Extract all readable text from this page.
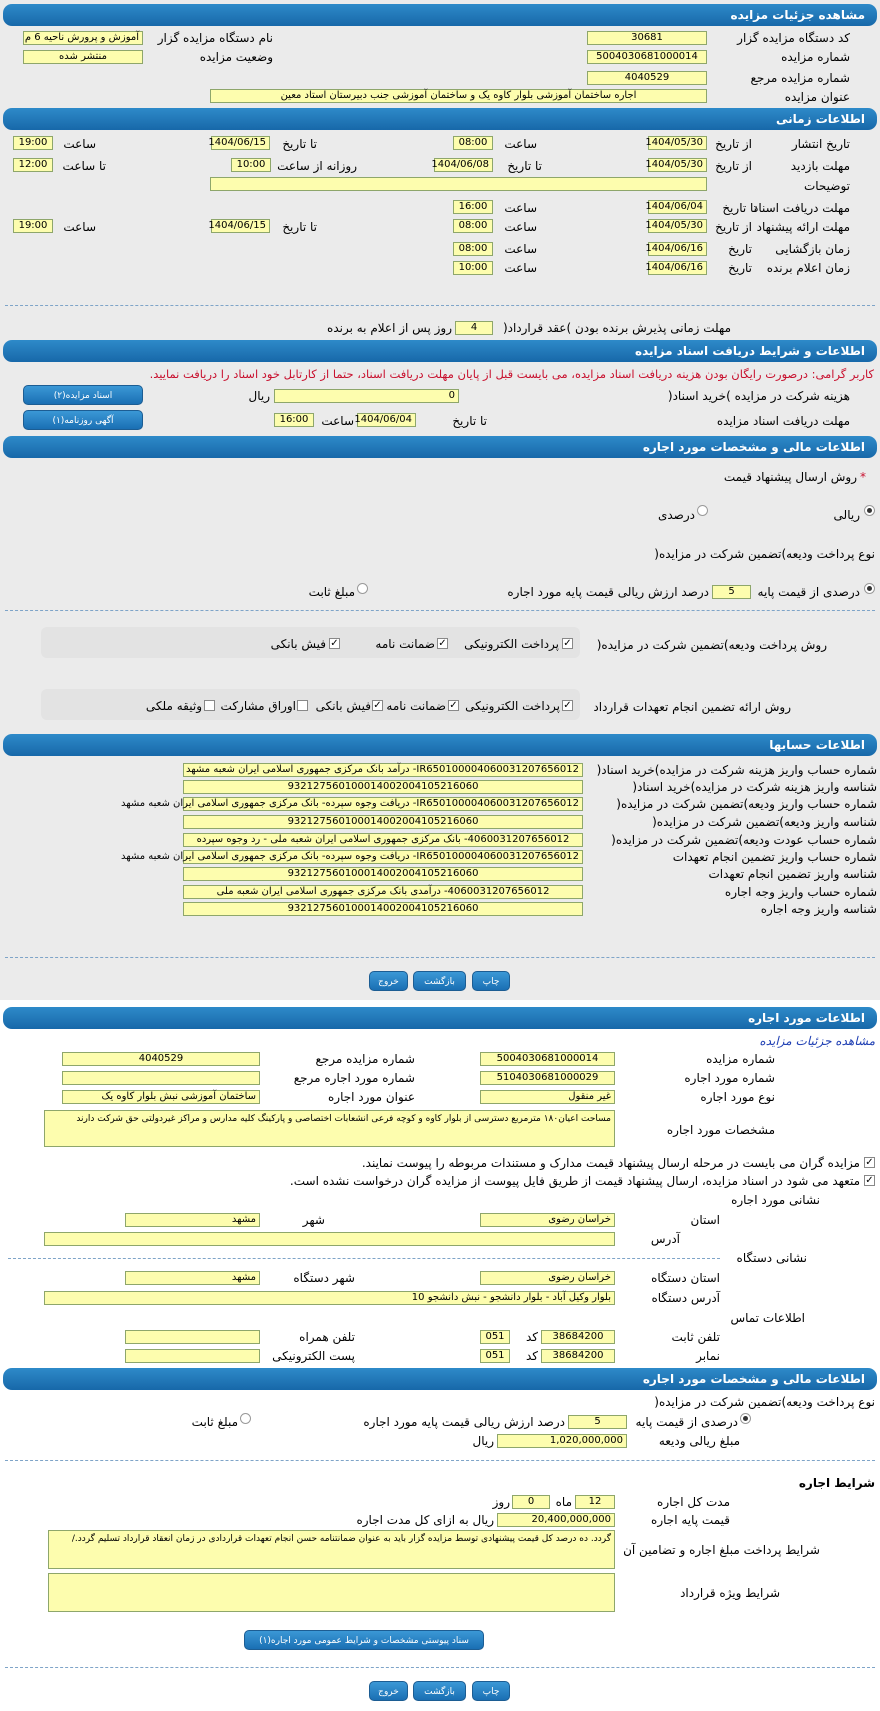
مشاهده جزئیات مزایده
کد دستگاه مزایده گزار
30681
نام دستگاه مزایده گزار
آموزش و پرورش ناحیه 6 م
شماره مزایده
5004030681000014
وضعیت مزایده
منتشر شده
شماره مزایده مرجع
4040529
عنوان مزایده
اجاره ساختمان آموزشی بلوار کاوه یک و ساختمان آموزشی جنب دبیرستان استاد معین
اطلاعات زمانی
تاریخ انتشار
از تاریخ
1404/05/30
ساعت
08:00
تا تاریخ
1404/06/15
ساعت
19:00
مهلت بازدید
از تاریخ
1404/05/30
تا تاریخ
1404/06/08
روزانه از ساعت
10:00
تا ساعت
12:00
توضیحات
مهلت دریافت اسناد
تا تاریخ
1404/06/04
ساعت
16:00
مهلت ارائه پیشنهاد
از تاریخ
1404/05/30
ساعت
08:00
تا تاریخ
1404/06/15
ساعت
19:00
زمان بازگشایی
تاریخ
1404/06/16
ساعت
08:00
زمان اعلام برنده
تاریخ
1404/06/16
ساعت
10:00
مهلت زمانی پذیرش برنده بودن )عقد قرارداد(
4
روز پس از اعلام به برنده
اطلاعات و شرایط دریافت اسناد مزایده
کاربر گرامی: درصورت رایگان بودن هزینه دریافت اسناد مزایده، می بایست قبل از پایان مهلت دریافت اسناد، حتما از کارتابل خود اسناد را دریافت نمایید.
هزینه شرکت در مزایده )خرید اسناد(
0
ریال
اسناد مزایده(۲)
مهلت دریافت اسناد مزایده
تا تاریخ
1404/06/04
ساعت
16:00
آگهی روزنامه(۱)
اطلاعات مالی و مشخصات مورد اجاره
*
روش ارسال پیشنهاد قیمت
ریالی
درصدی
نوع پرداخت ودیعه)تضمین شرکت در مزایده(
درصدی از قیمت پایه
5
درصد ارزش ریالی قیمت پایه مورد اجاره
مبلغ ثابت
روش پرداخت ودیعه)تضمین شرکت در مزایده(
✓
پرداخت الکترونیکی
✓
ضمانت نامه
✓
فیش بانکی
روش ارائه تضمین انجام تعهدات قرارداد
✓
پرداخت الکترونیکی
✓
ضمانت نامه
✓
فیش بانکی
اوراق مشارکت
وثیقه ملکی
اطلاعات حسابها
شماره حساب واریز هزینه شرکت در مزایده)خرید اسناد(
IR650100004060031207656012- درآمد بانک مرکزی جمهوری اسلامی ایران شعبه مشهد
شناسه واریز هزینه شرکت در مزایده)خرید اسناد(
932127560100014002004105216060
شماره حساب واریز ودیعه)تضمین شرکت در مزایده(
IR650100004060031207656012- دریافت وجوه سپرده- بانک مرکزی جمهوری اسلامی ایران شعبه مشهد
شناسه واریز ودیعه)تضمین شرکت در مزایده(
932127560100014002004105216060
شماره حساب عودت ودیعه)تضمین شرکت در مزایده(
4060031207656012- بانک مرکزی جمهوری اسلامی ایران شعبه ملی - رد وجوه سپرده
شماره حساب واریز تضمین انجام تعهدات
IR650100004060031207656012- دریافت وجوه سپرده- بانک مرکزی جمهوری اسلامی ایران شعبه مشهد
شناسه واریز تضمین انجام تعهدات
932127560100014002004105216060
شماره حساب واریز وجه اجاره
4060031207656012- درآمدی بانک مرکزی جمهوری اسلامی ایران شعبه ملی
شناسه واریز وجه اجاره
932127560100014002004105216060
چاپ
بازگشت
خروج
اطلاعات مورد اجاره
مشاهده جزئیات مزایده
شماره مزایده
5004030681000014
شماره مزایده مرجع
4040529
شماره مورد اجاره
5104030681000029
شماره مورد اجاره مرجع
نوع مورد اجاره
غیر منقول
عنوان مورد اجاره
ساختمان آموزشی نبش بلوار کاوه یک
مشخصات مورد اجاره
مساحت اعیان۱۸۰ مترمربع دسترسی از بلوار کاوه و کوچه فرعی انشعابات اختصاصی و پارکینگ کلیه مدارس و مراکز غیردولتی حق شرکت دارند
✓
مزایده گران می بایست در مرحله ارسال پیشنهاد قیمت مدارک و مستندات مربوطه را پیوست نمایند.
✓
متعهد می شود در اسناد مزایده، ارسال پیشنهاد قیمت از طریق فایل پیوست از مزایده گران درخواست نشده است.
نشانی مورد اجاره
استان
خراسان رضوی
شهر
مشهد
آدرس
نشانی دستگاه
استان دستگاه
خراسان رضوی
شهر دستگاه
مشهد
آدرس دستگاه
بلوار وکیل آباد - بلوار دانشجو - نبش دانشجو 10
اطلاعات تماس
تلفن ثابت
38684200
کد
051
تلفن همراه
نمابر
38684200
کد
051
پست الکترونیکی
اطلاعات مالی و مشخصات مورد اجاره
نوع پرداخت ودیعه)تضمین شرکت در مزایده(
درصدی از قیمت پایه
5
درصد ارزش ریالی قیمت پایه مورد اجاره
مبلغ ثابت
مبلغ ریالی ودیعه
1,020,000,000
ریال
شرایط اجاره
مدت کل اجاره
12
ماه
0
روز
قیمت پایه اجاره
20,400,000,000
ریال به ازای کل مدت اجاره
شرایط پرداخت مبلغ اجاره و تضامین آن
گردد. ده درصد کل قیمت پیشنهادی توسط مزایده گزار باید به عنوان ضمانتنامه حسن انجام تعهدات قراردادی در زمان انعقاد قرارداد تسلیم گردد./
شرایط ویژه قرارداد
سناد پیوستی مشخصات و شرایط عمومی مورد اجاره(۱)
چاپ
بازگشت
خروج
